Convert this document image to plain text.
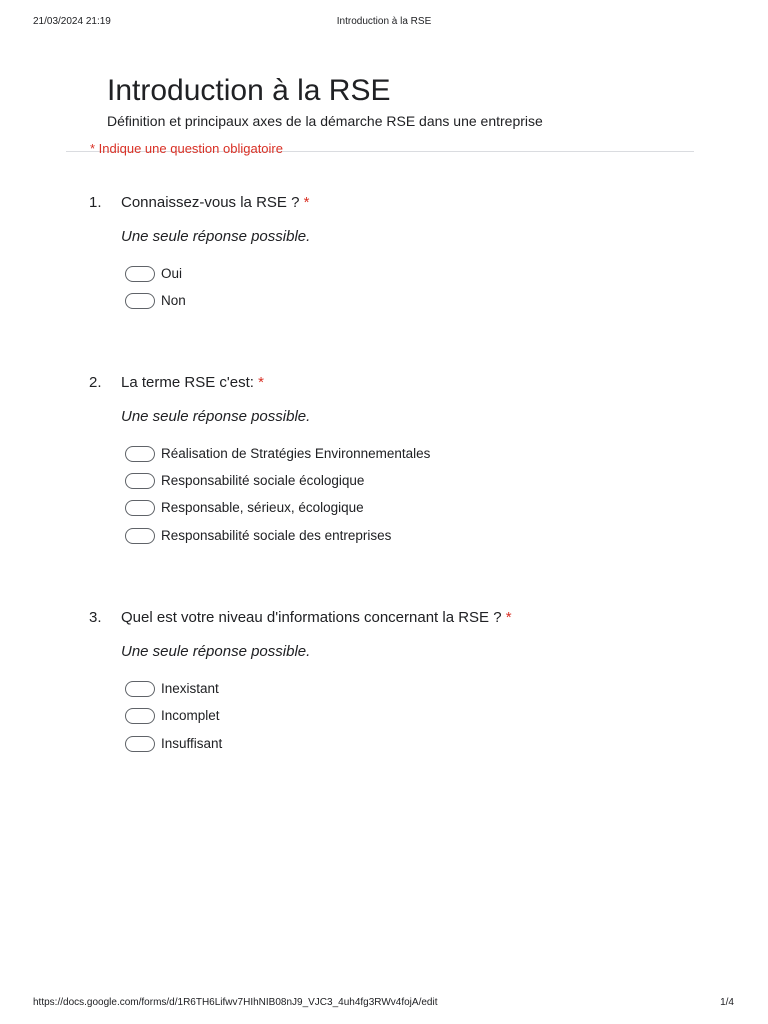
21/03/2024 21:19	Introduction à la RSE
Introduction à la RSE
Définition et principaux axes de la démarche RSE dans une entreprise
* Indique une question obligatoire
1. Connaissez-vous la RSE ? *
Une seule réponse possible.
Oui
Non
2. La terme RSE c'est: *
Une seule réponse possible.
Réalisation de Stratégies Environnementales
Responsabilité sociale écologique
Responsable, sérieux, écologique
Responsabilité sociale des entreprises
3. Quel est votre niveau d'informations concernant la RSE ? *
Une seule réponse possible.
Inexistant
Incomplet
Insuffisant
https://docs.google.com/forms/d/1R6TH6Lifwv7HIhNIB08nJ9_VJC3_4uh4fg3RWv4fojA/edit	1/4
